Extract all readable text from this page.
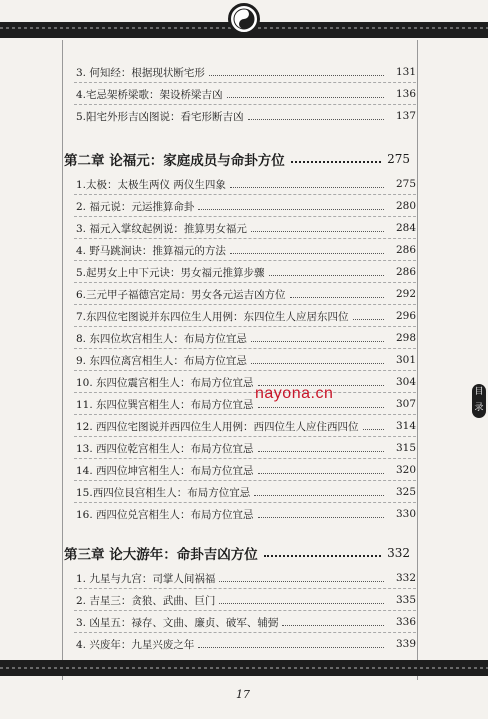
3. 何知经：根据现状断宅形	131
4.宅忌架桥梁歌：架设桥梁吉凶	136
5.阳宅外形吉凶图说：看宅形断吉凶	137
第二章 论福元：家庭成员与命卦方位	275
1.太极：太极生两仪 两仪生四象	275
2. 福元说：元运推算命卦	280
3. 福元入掌纹起例说：推算男女福元	284
4. 野马跳涧诀：推算福元的方法	286
5.起男女上中下元诀：男女福元推算步骤	286
6.三元甲子福德宫定局：男女各元运吉凶方位	292
7.东四位宅图说并东四位生人用例：东四位生人应居东四位	296
8. 东四位坎宫相生人：布局方位宜忌	298
9. 东四位离宫相生人：布局方位宜忌	301
10. 东四位震宫相生人：布局方位宜忌	304
11. 东四位巽宫相生人：布局方位宜忌	307
12. 西四位宅图说并西四位生人用例：西四位生人应住西四位	314
13. 西四位乾宫相生人：布局方位宜忌	315
14. 西四位坤宫相生人：布局方位宜忌	320
15.西四位艮宫相生人：布局方位宜忌	325
16. 西四位兑宫相生人：布局方位宜忌	330
第三章 论大游年：命卦吉凶方位	332
1. 九星与九宫：司掌人间祸福	332
2. 吉星三：贪狼、武曲、巨门	335
3. 凶星五：禄存、文曲、廉贞、破军、辅弼	336
4. 兴废年：九星兴废之年	339
nayona.cn	目录
17
